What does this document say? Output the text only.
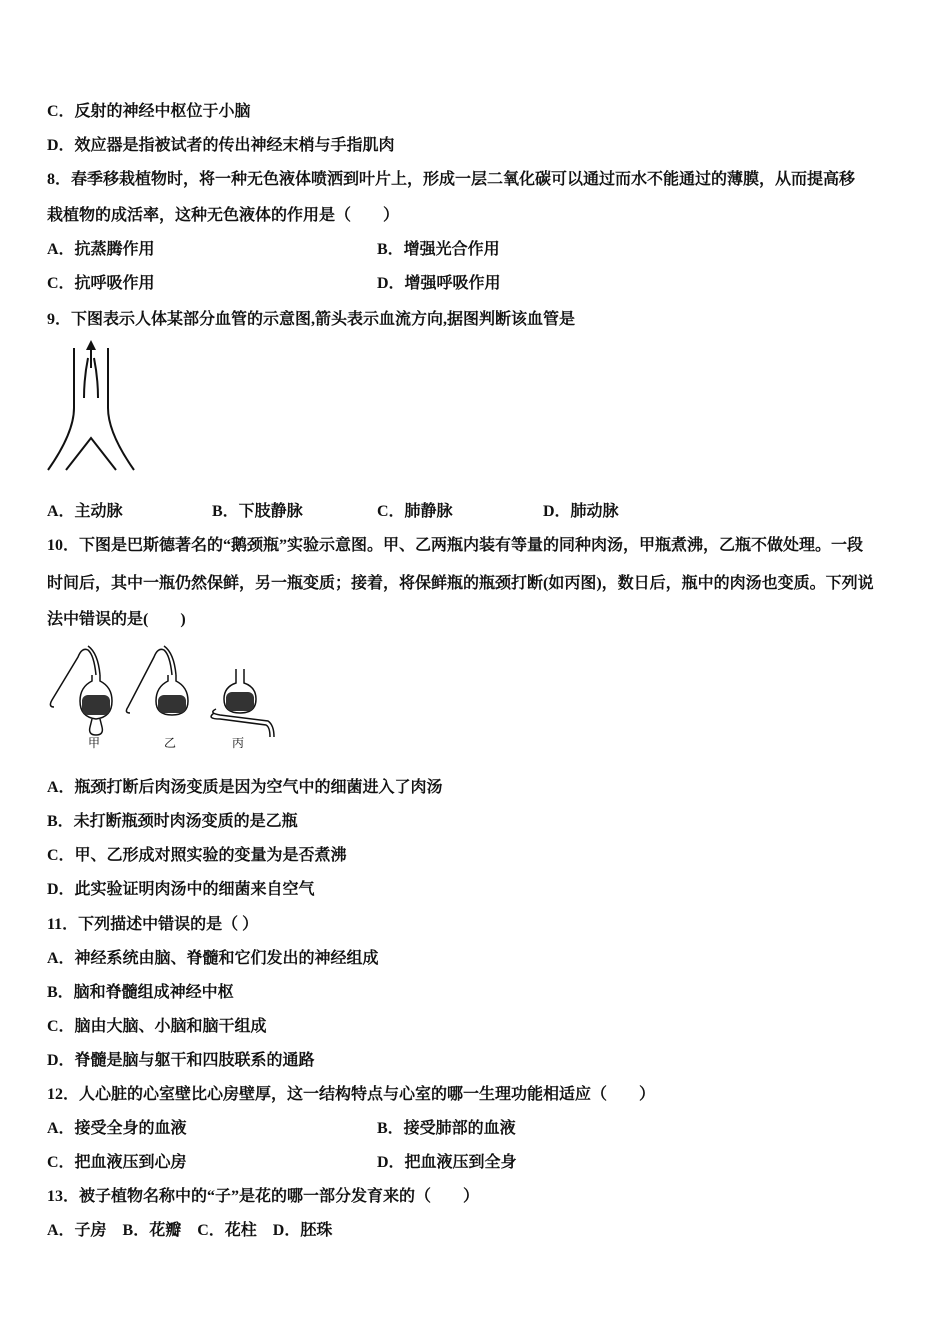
C．反射的神经中枢位于小脑
D．效应器是指被试者的传出神经末梢与手指肌肉
8．春季移栽植物时，将一种无色液体喷洒到叶片上，形成一层二氧化碳可以通过而水不能通过的薄膜，从而提高移
栽植物的成活率，这种无色液体的作用是（　　）
A．抗蒸腾作用	B．增强光合作用
C．抗呼吸作用	D．增强呼吸作用
9．下图表示人体某部分血管的示意图,箭头表示血流方向,据图判断该血管是
A．主动脉	B．下肢静脉	C．肺静脉	D．肺动脉
10．下图是巴斯德著名的“鹅颈瓶”实验示意图。甲、乙两瓶内装有等量的同种肉汤，甲瓶煮沸，乙瓶不做处理。一段
时间后，其中一瓶仍然保鲜，另一瓶变质；接着，将保鲜瓶的瓶颈打断(如丙图)，数日后，瓶中的肉汤也变质。下列说
法中错误的是(　　)
甲	乙	丙
A．瓶颈打断后肉汤变质是因为空气中的细菌进入了肉汤
B．未打断瓶颈时肉汤变质的是乙瓶
C．甲、乙形成对照实验的变量为是否煮沸
D．此实验证明肉汤中的细菌来自空气
11．下列描述中错误的是（ ）
A．神经系统由脑、脊髓和它们发出的神经组成
B．脑和脊髓组成神经中枢
C．脑由大脑、小脑和脑干组成
D．脊髓是脑与躯干和四肢联系的通路
12．人心脏的心室壁比心房壁厚，这一结构特点与心室的哪一生理功能相适应（　　）
A．接受全身的血液	B．接受肺部的血液
C．把血液压到心房	D．把血液压到全身
13．被子植物名称中的“子”是花的哪一部分发育来的（　　）
A．子房　B．花瓣　C．花柱　D．胚珠
